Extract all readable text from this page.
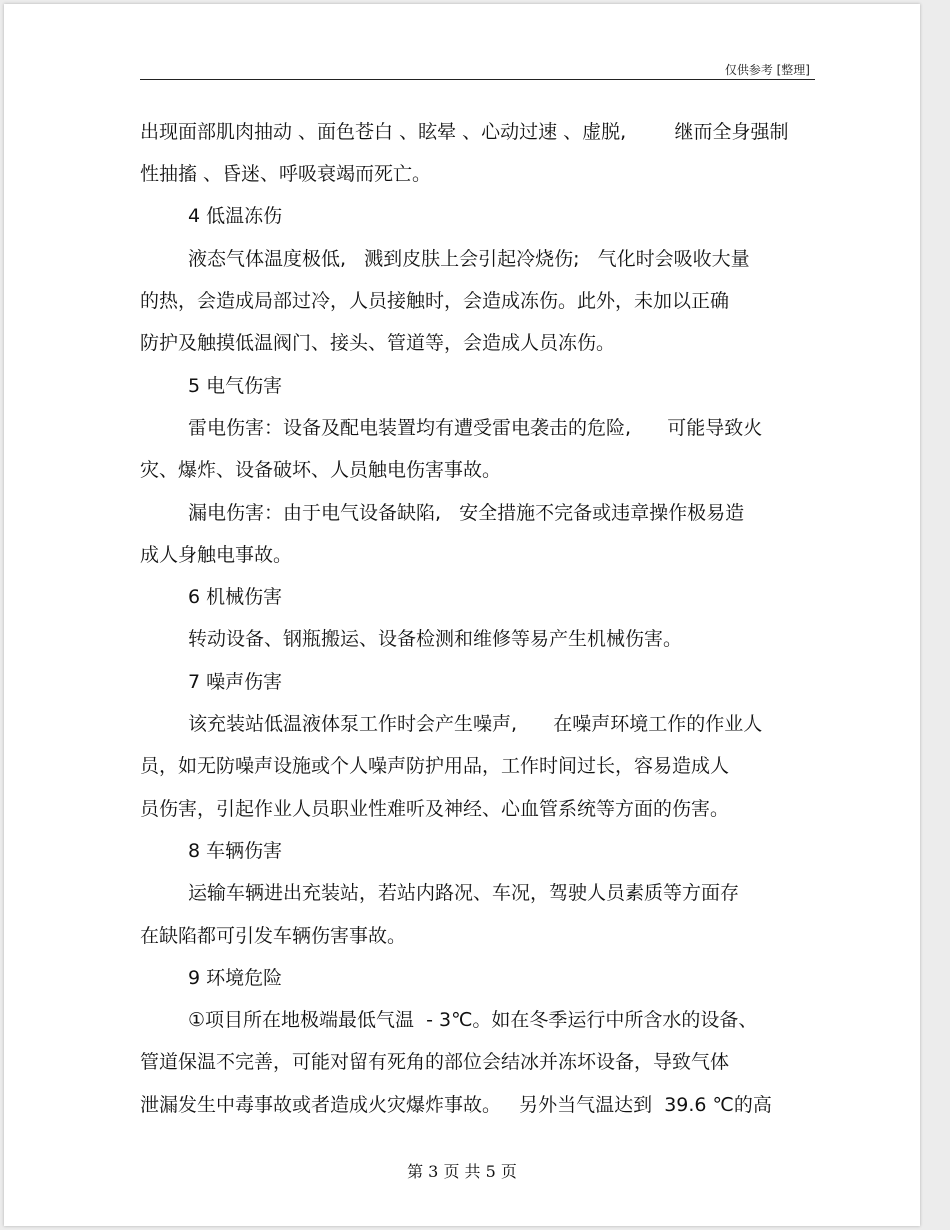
仅供参考 [整理]
出现面部肌肉抽动 、面色苍白 、眩晕 、心动过速 、虚脱,        继而全身强制
性抽搐 、昏迷、呼吸衰竭而死亡。
4 低温冻伤
液态气体温度极低,   溅到皮肤上会引起冷烧伤;   气化时会吸收大量
的热，会造成局部过冷，人员接触时，会造成冻伤。此外，未加以正确
防护及触摸低温阀门、接头、管道等，会造成人员冻伤。
5 电气伤害
雷电伤害：设备及配电装置均有遭受雷电袭击的危险,      可能导致火
灾、爆炸、设备破坏、人员触电伤害事故。
漏电伤害：由于电气设备缺陷,   安全措施不完备或违章操作极易造
成人身触电事故。
6 机械伤害
转动设备、钢瓶搬运、设备检测和维修等易产生机械伤害。
7 噪声伤害
该充装站低温液体泵工作时会产生噪声,      在噪声环境工作的作业人
员，如无防噪声设施或个人噪声防护用品，工作时间过长，容易造成人
员伤害，引起作业人员职业性难听及神经、心血管系统等方面的伤害。
8 车辆伤害
运输车辆进出充装站，若站内路况、车况，驾驶人员素质等方面存
在缺陷都可引发车辆伤害事故。
9 环境危险
①项目所在地极端最低气温  - 3℃。如在冬季运行中所含水的设备、
管道保温不完善，可能对留有死角的部位会结冰并冻坏设备，导致气体
泄漏发生中毒事故或者造成火灾爆炸事故。   另外当气温达到  39.6 ℃的高
第 3 页 共 5 页
